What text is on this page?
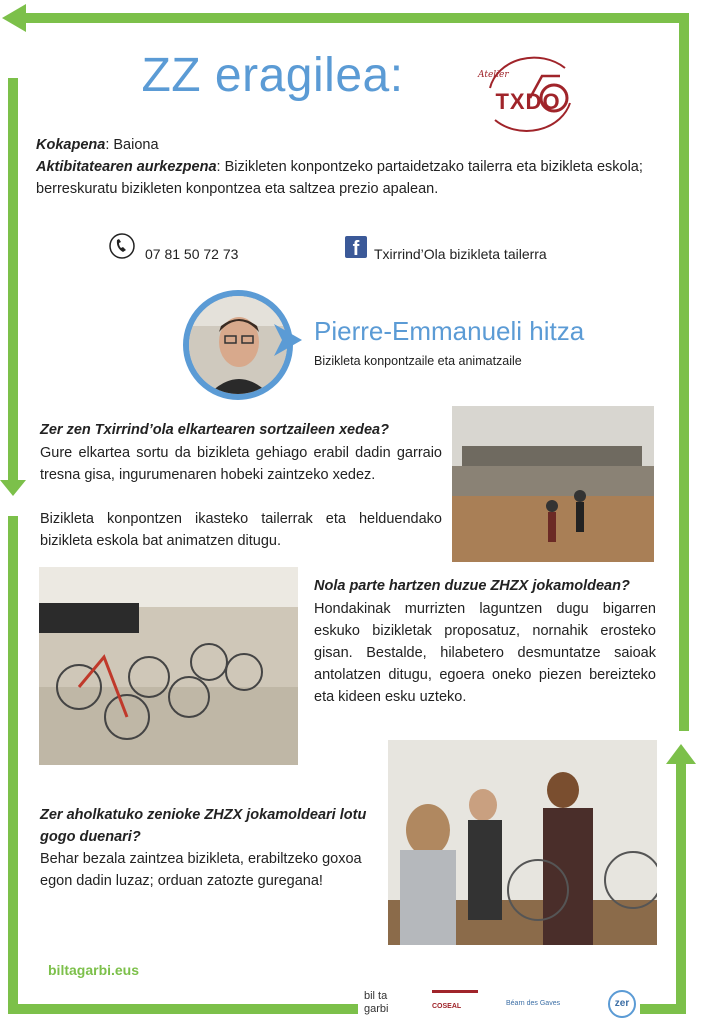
ZZ eragilea:	Atelier
TXDO
Kokapena: Baiona
Aktibitatearen aurkezpena: Bizikleten konpontzeko partaidetzako tailerra eta bizikleta eskola; berreskuratu bizikleten konpontzea eta saltzea prezio apalean.
07 81 50 72 73	f	Txirrind’Ola bizikleta tailerra
Pierre-Emmanueli hitza
Bizikleta konpontzaile eta animatzaile
Zer zen Txirrind’ola elkartearen sortzaileen xedea?
Gure elkartea sortu da bizikleta gehiago erabil dadin garraio tresna gisa, ingurumenaren hobeki zaintzeko xedez.
Bizikleta konpontzen ikasteko tailerrak eta helduendako bizikleta eskola bat animatzen ditugu.
Nola parte hartzen duzue ZHZX jokamoldean?
Hondakinak murrizten laguntzen dugu bigarren eskuko bizikletak proposatuz, nornahik erosteko gisan. Bestalde, hilabetero desmuntatze saioak antolatzen ditugu, egoera oneko piezen bereizteko eta kideen esku uzteko.
Zer aholkatuko zenioke ZHZX jokamoldeari lotu gogo duenari?
Behar bezala zaintzea bizikleta, erabiltzeko goxoa egon dadin luzaz; orduan zatozte guregana!
biltagarbi.eus
bil ta garbi	COSEAL	Béarn des Gaves	zer
